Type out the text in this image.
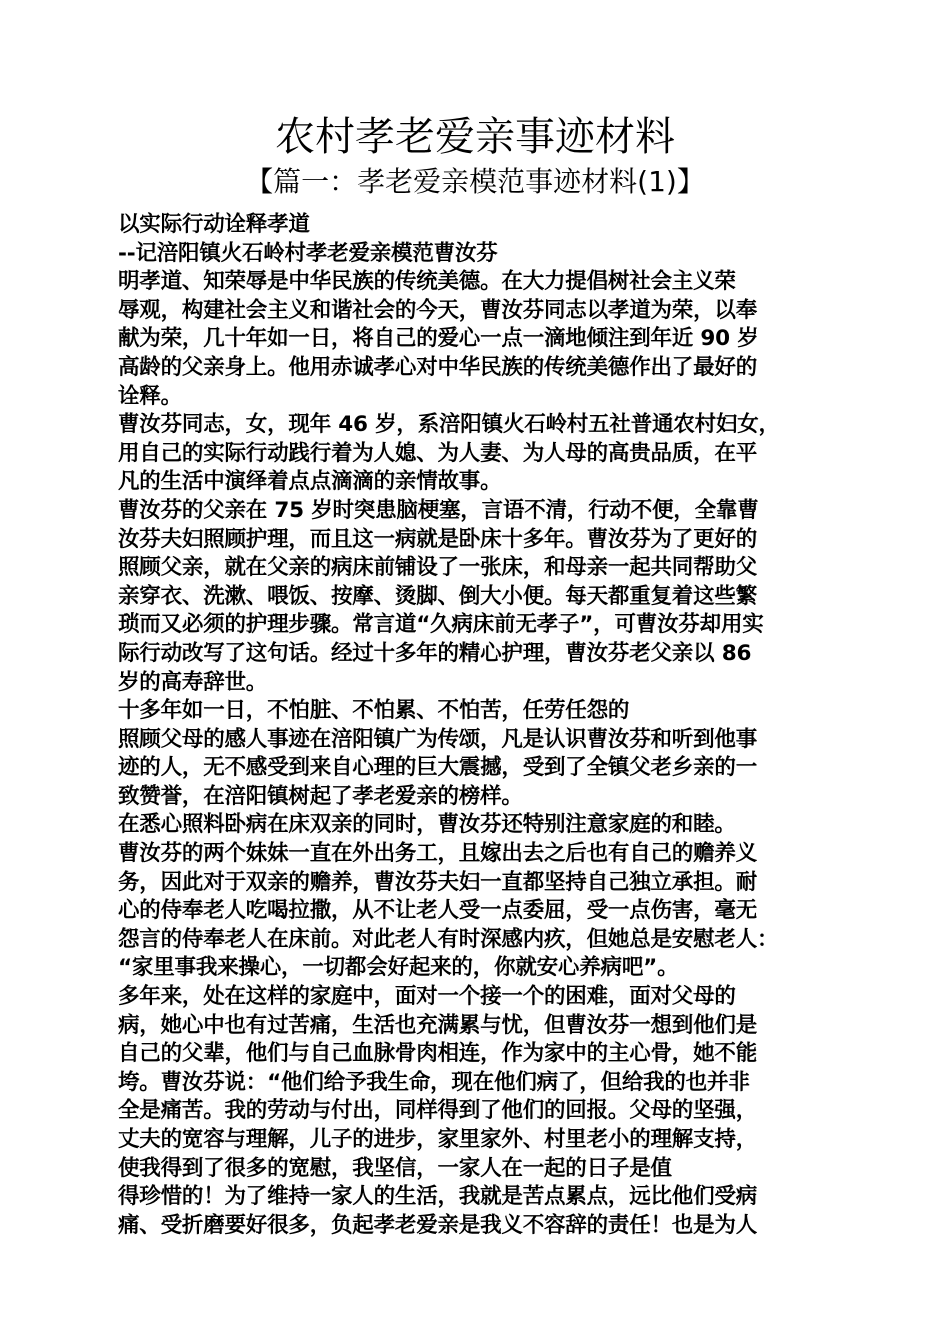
农村孝老爱亲事迹材料
【篇一：孝老爱亲模范事迹材料(1)】
以实际行动诠释孝道
--记涪阳镇火石岭村孝老爱亲模范曹汝芬
明孝道、知荣辱是中华民族的传统美德。在大力提倡树社会主义荣
辱观，构建社会主义和谐社会的今天，曹汝芬同志以孝道为荣，以奉
献为荣，几十年如一日，将自己的爱心一点一滴地倾注到年近 90 岁
高龄的父亲身上。他用赤诚孝心对中华民族的传统美德作出了最好的
诠释。
曹汝芬同志，女，现年 46 岁，系涪阳镇火石岭村五社普通农村妇女，
用自己的实际行动践行着为人媳、为人妻、为人母的高贵品质，在平
凡的生活中演绎着点点滴滴的亲情故事。
曹汝芬的父亲在 75 岁时突患脑梗塞，言语不清，行动不便，全靠曹
汝芬夫妇照顾护理，而且这一病就是卧床十多年。曹汝芬为了更好的
照顾父亲，就在父亲的病床前铺设了一张床，和母亲一起共同帮助父
亲穿衣、洗漱、喂饭、按摩、烫脚、倒大小便。每天都重复着这些繁
琐而又必须的护理步骤。常言道“久病床前无孝子”，可曹汝芬却用实
际行动改写了这句话。经过十多年的精心护理，曹汝芬老父亲以 86
岁的高寿辞世。
十多年如一日，不怕脏、不怕累、不怕苦，任劳任怨的
照顾父母的感人事迹在涪阳镇广为传颂，凡是认识曹汝芬和听到他事
迹的人，无不感受到来自心理的巨大震撼，受到了全镇父老乡亲的一
致赞誉，在涪阳镇树起了孝老爱亲的榜样。
在悉心照料卧病在床双亲的同时，曹汝芬还特别注意家庭的和睦。
曹汝芬的两个妹妹一直在外出务工，且嫁出去之后也有自己的赡养义
务，因此对于双亲的赡养，曹汝芬夫妇一直都坚持自己独立承担。耐
心的侍奉老人吃喝拉撒，从不让老人受一点委屈，受一点伤害，毫无
怨言的侍奉老人在床前。对此老人有时深感内疚，但她总是安慰老人：
“家里事我来操心，一切都会好起来的，你就安心养病吧”。
多年来，处在这样的家庭中，面对一个接一个的困难，面对父母的
病，她心中也有过苦痛，生活也充满累与忧，但曹汝芬一想到他们是
自己的父辈，他们与自己血脉骨肉相连，作为家中的主心骨，她不能
垮。曹汝芬说：“他们给予我生命，现在他们病了，但给我的也并非
全是痛苦。我的劳动与付出，同样得到了他们的回报。父母的坚强，
丈夫的宽容与理解，儿子的进步，家里家外、村里老小的理解支持，
使我得到了很多的宽慰，我坚信，一家人在一起的日子是值
得珍惜的！为了维持一家人的生活，我就是苦点累点，远比他们受病
痛、受折磨要好很多，负起孝老爱亲是我义不容辞的责任！也是为人
